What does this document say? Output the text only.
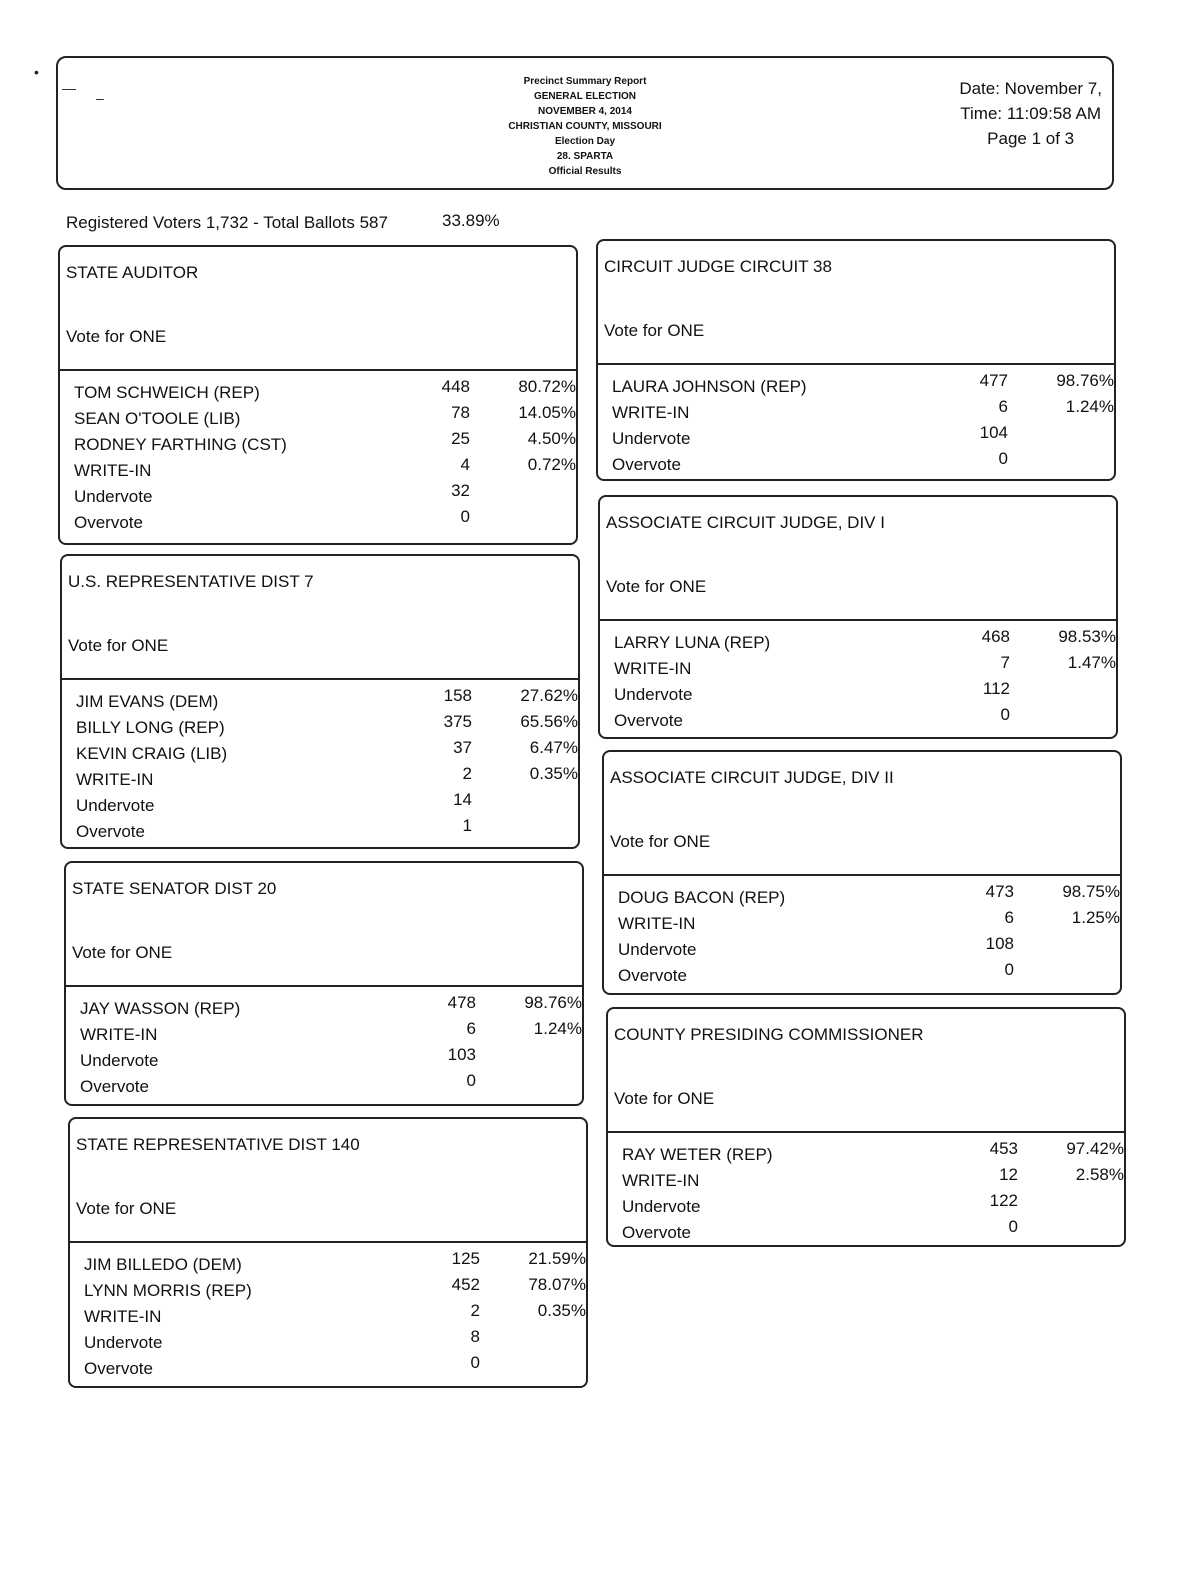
•
—
–
Precinct Summary Report
GENERAL ELECTION
NOVEMBER 4, 2014
CHRISTIAN COUNTY, MISSOURI
Election Day
28. SPARTA
Official Results
Date: November 7,
Time: 11:09:58 AM
Page 1 of 3
Registered Voters 1,732 - Total Ballots 587	33.89%
STATE AUDITOR
Vote for ONE
TOM SCHWEICH (REP)	448	80.72%
SEAN O'TOOLE (LIB)	78	14.05%
RODNEY FARTHING (CST)	25	4.50%
WRITE-IN	4	0.72%
Undervote	32
Overvote	0
U.S. REPRESENTATIVE DIST 7
Vote for ONE
JIM EVANS (DEM)	158	27.62%
BILLY LONG (REP)	375	65.56%
KEVIN CRAIG (LIB)	37	6.47%
WRITE-IN	2	0.35%
Undervote	14
Overvote	1
STATE SENATOR DIST 20
Vote for ONE
JAY WASSON (REP)	478	98.76%
WRITE-IN	6	1.24%
Undervote	103
Overvote	0
STATE REPRESENTATIVE DIST 140
Vote for ONE
JIM BILLEDO (DEM)	125	21.59%
LYNN MORRIS (REP)	452	78.07%
WRITE-IN	2	0.35%
Undervote	8
Overvote	0
CIRCUIT JUDGE CIRCUIT 38
Vote for ONE
LAURA JOHNSON (REP)	477	98.76%
WRITE-IN	6	1.24%
Undervote	104
Overvote	0
ASSOCIATE CIRCUIT JUDGE, DIV I
Vote for ONE
LARRY LUNA (REP)	468	98.53%
WRITE-IN	7	1.47%
Undervote	112
Overvote	0
ASSOCIATE CIRCUIT JUDGE, DIV II
Vote for ONE
DOUG BACON (REP)	473	98.75%
WRITE-IN	6	1.25%
Undervote	108
Overvote	0
COUNTY PRESIDING COMMISSIONER
Vote for ONE
RAY WETER (REP)	453	97.42%
WRITE-IN	12	2.58%
Undervote	122
Overvote	0
